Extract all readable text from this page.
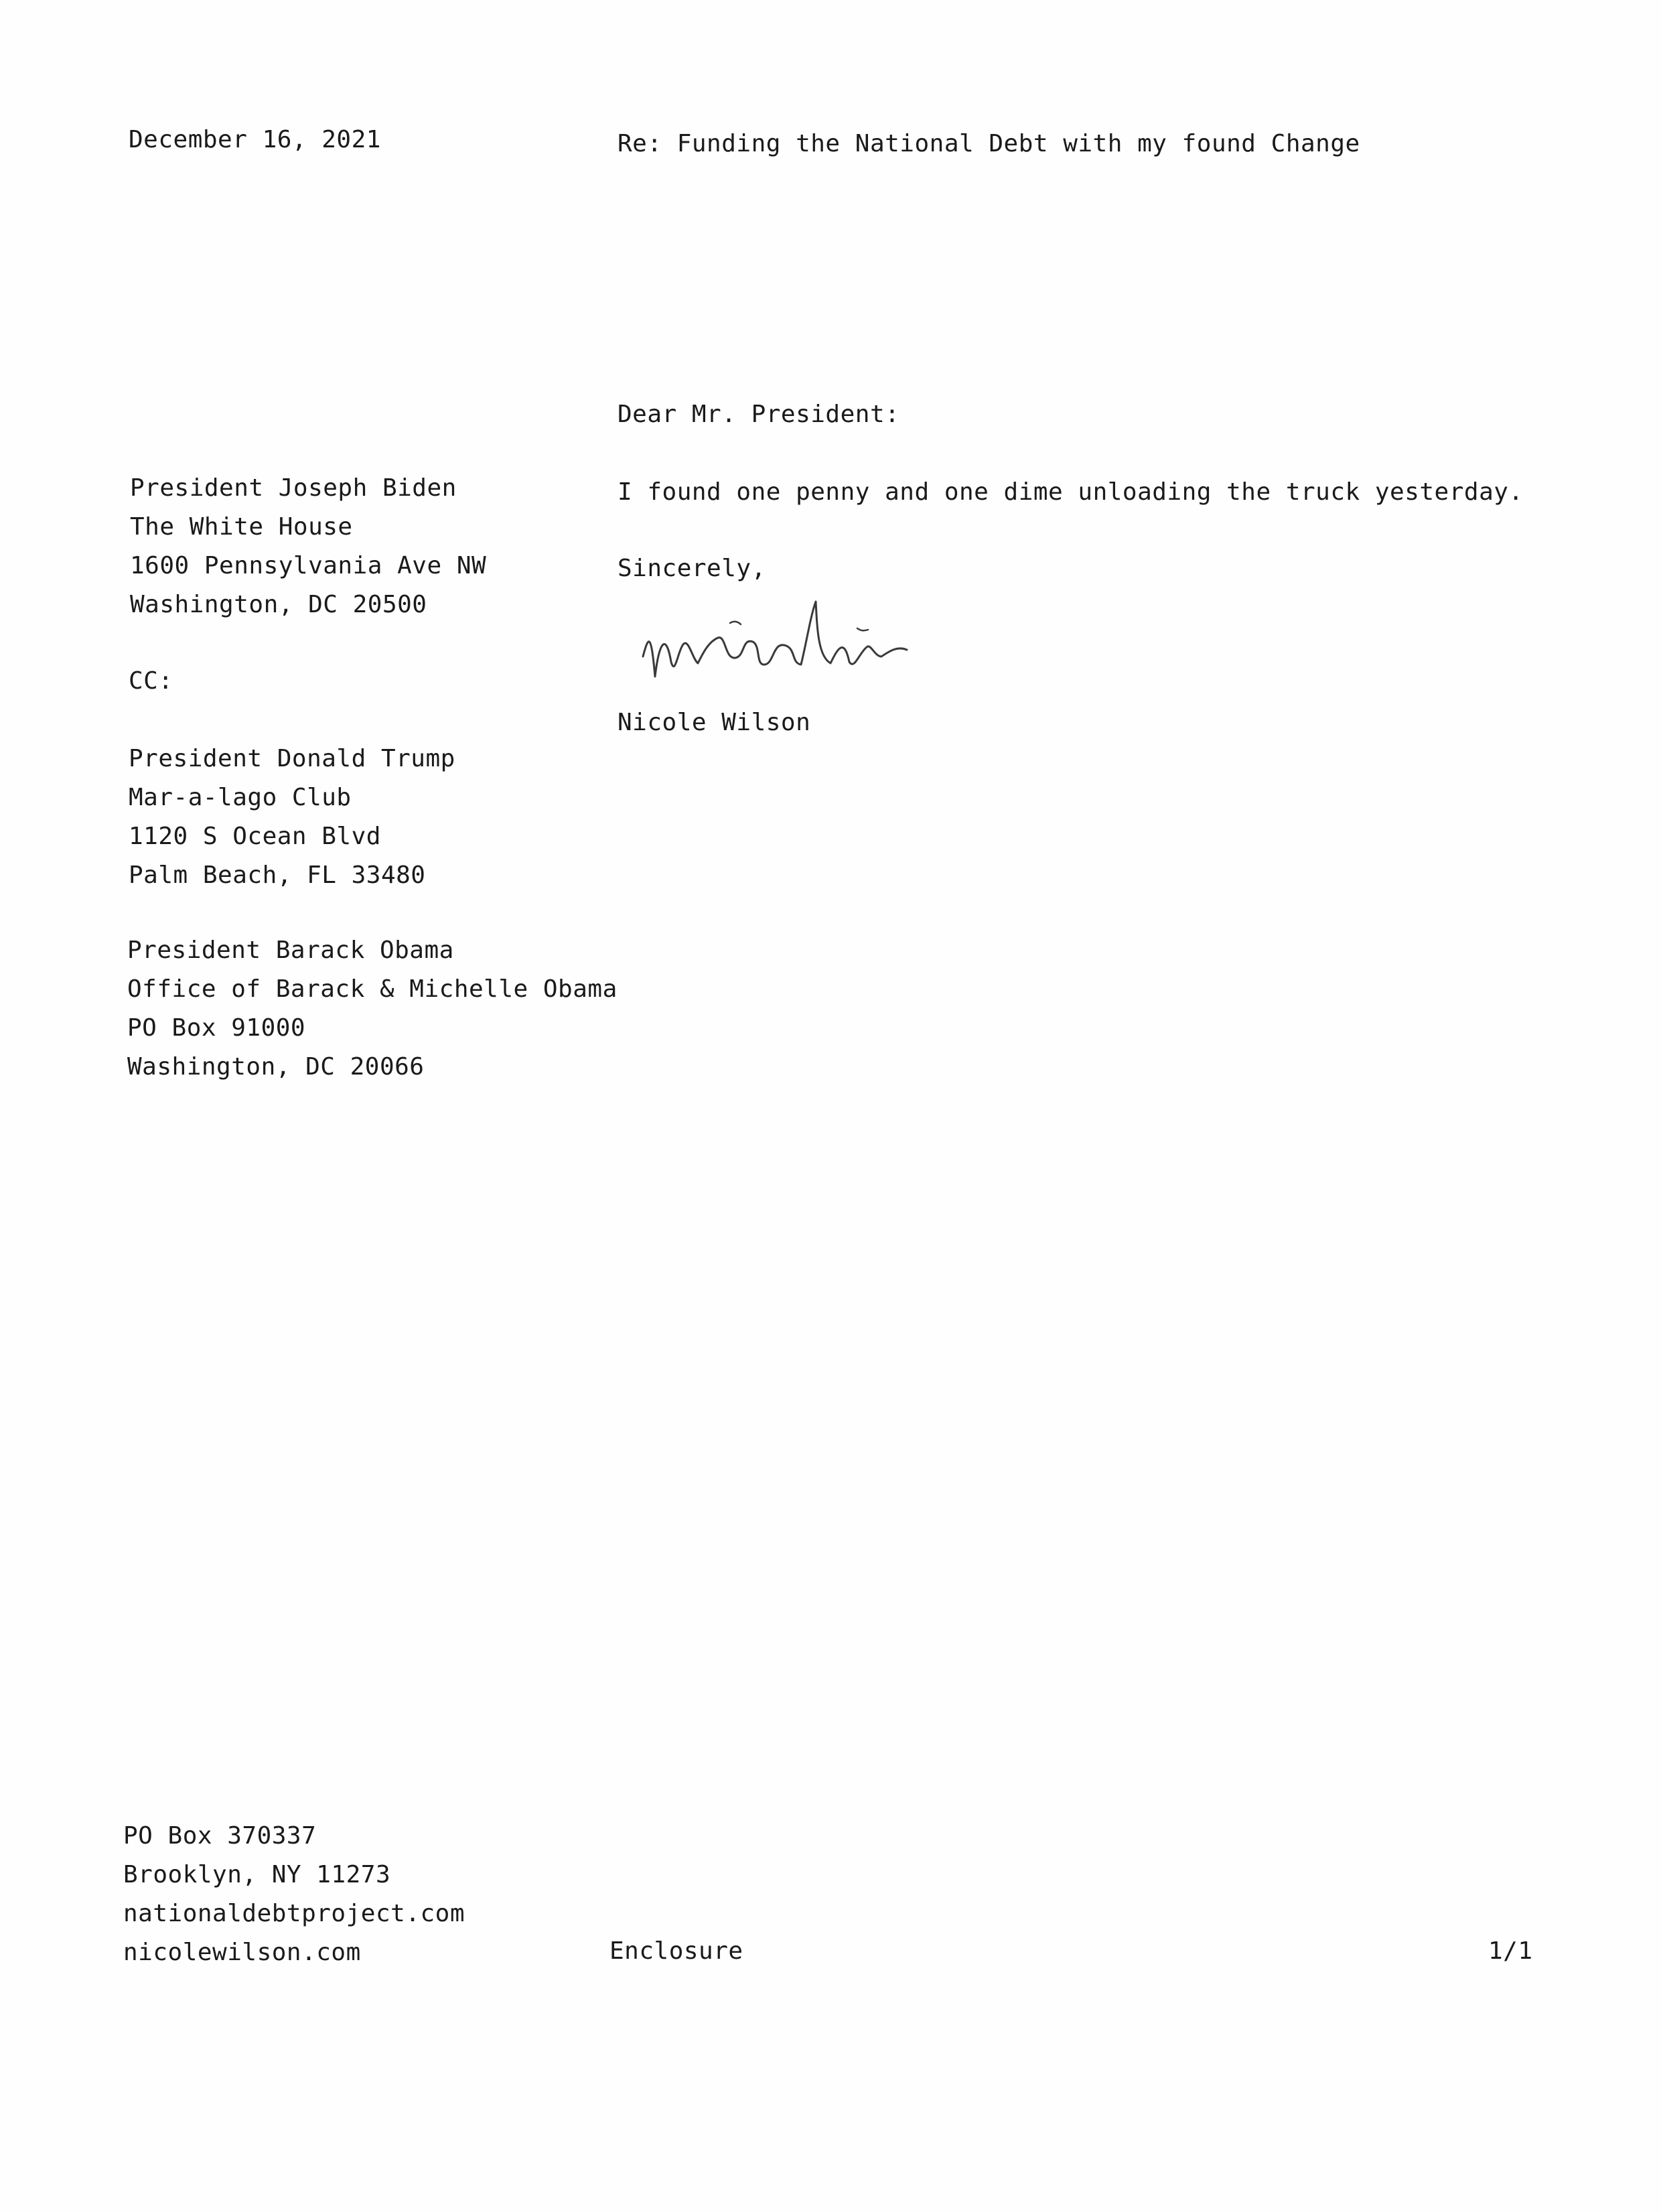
December 16, 2021	Re: Funding the National Debt with my found Change
Dear Mr. President:
I found one penny and one dime unloading the truck yesterday.
Sincerely,
Nicole Wilson
President Joseph Biden
The White House
1600 Pennsylvania Ave NW
Washington, DC 20500
CC:
President Donald Trump
Mar-a-lago Club
1120 S Ocean Blvd
Palm Beach, FL 33480
President Barack Obama
Office of Barack & Michelle Obama
PO Box 91000
Washington, DC 20066
PO Box 370337
Brooklyn, NY 11273
nationaldebtproject.com
nicolewilson.com	Enclosure	1/1
